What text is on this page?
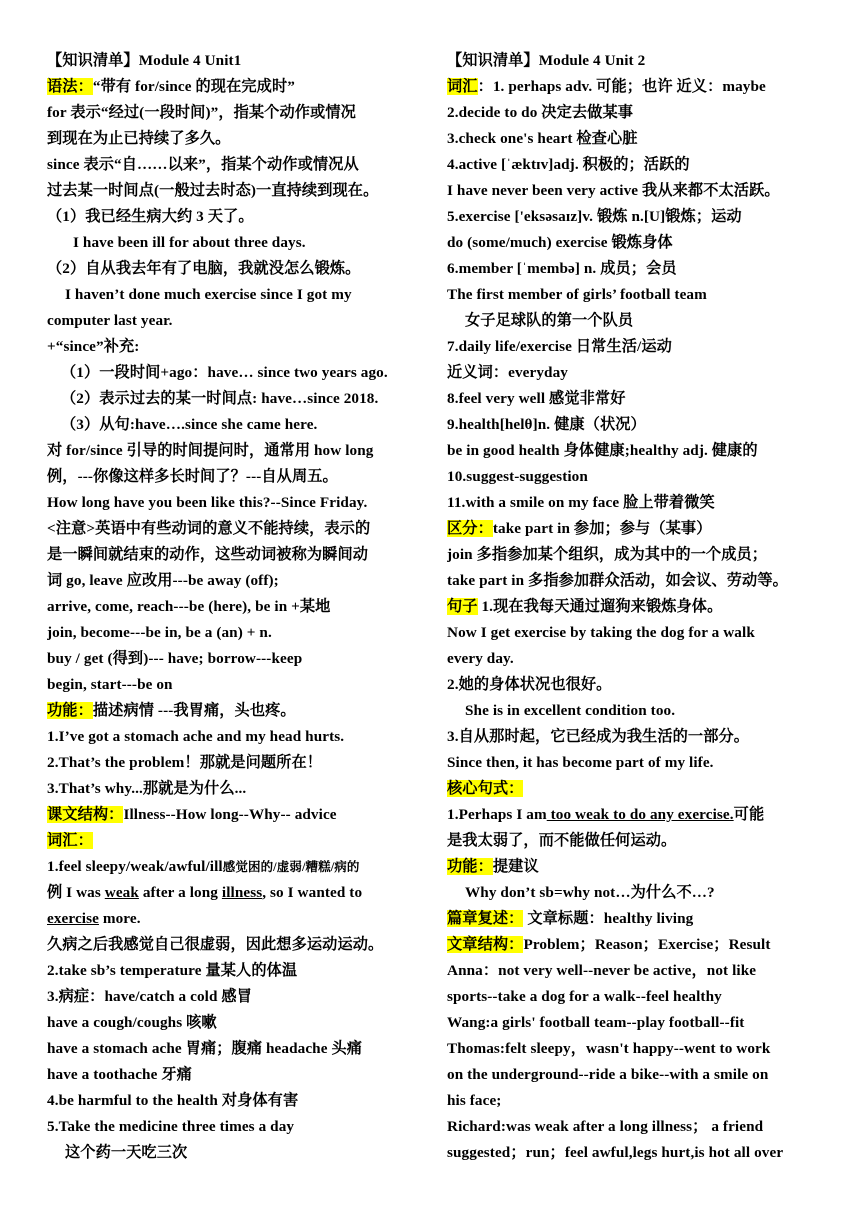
【知识清单】Module 4 Unit1
语法：“带有 for/since 的现在完成时”
for 表示“经过(一段时间)”，指某个动作或情况
到现在为止已持续了多久。
since 表示“自……以来”，指某个动作或情况从
过去某一时间点(一般过去时态)一直持续到现在。
（1）我已经生病大约 3 天了。
I have been ill for about three days.
（2）自从我去年有了电脑，我就没怎么锻炼。
I haven’t done much exercise since I got my
computer last year.
+“since”补充:
（1）一段时间+ago：have… since two years ago.
（2）表示过去的某一时间点: have…since 2018.
（3）从句:have….since she came here.
对 for/since 引导的时间提问时，通常用 how long
例，---你像这样多长时间了？---自从周五。
How long have you been like this?--Since Friday.
<注意>英语中有些动词的意义不能持续，表示的
是一瞬间就结束的动作，这些动词被称为瞬间动
词 go, leave 应改用---be away (off);
arrive, come, reach---be (here), be in +某地
join, become---be in, be a (an) + n.
buy / get (得到)--- have; borrow---keep
begin, start---be on
功能：描述病情 ---我胃痛，头也疼。
1.I’ve got a stomach ache and my head hurts.
2.That’s the problem！那就是问题所在！
3.That’s why...那就是为什么...
课文结构：Illness--How long--Why-- advice
词汇：
1.feel sleepy/weak/awful/ill感觉困的/虚弱/糟糕/病的
例 I was weak after a long illness, so I wanted to
exercise more.
久病之后我感觉自己很虚弱，因此想多运动运动。
2.take sb’s temperature 量某人的体温
3.病症：have/catch a cold 感冒
have a cough/coughs 咳嗽
have a stomach ache 胃痛；腹痛 headache 头痛
have a toothache 牙痛
4.be harmful to the health 对身体有害
5.Take the medicine three times a day
这个药一天吃三次
【知识清单】Module 4 Unit 2
词汇：1. perhaps adv. 可能；也许 近义：maybe
2.decide to do 决定去做某事
3.check one's heart 检查心脏
4.active [ˈæktɪv]adj. 积极的；活跃的
I have never been very active 我从来都不太活跃。
5.exercise ['eksəsaɪz]v. 锻炼 n.[U]锻炼；运动
do (some/much) exercise 锻炼身体
6.member [ˈmembə] n. 成员；会员
The first member of girls’ football team
女子足球队的第一个队员
7.daily life/exercise 日常生活/运动
近义词：everyday
8.feel very well 感觉非常好
9.health[helθ]n. 健康（状况）
be in good health 身体健康;healthy adj. 健康的
10.suggest-suggestion
11.with a smile on my face 脸上带着微笑
区分：take part in 参加；参与（某事）
join 多指参加某个组织，成为其中的一个成员；
take part in 多指参加群众活动，如会议、劳动等。
句子 1.现在我每天通过遛狗来锻炼身体。
Now I get exercise by taking the dog for a walk
every day.
2.她的身体状况也很好。
She is in excellent condition too.
3.自从那时起，它已经成为我生活的一部分。
Since then, it has become part of my life.
核心句式：
1.Perhaps I am too weak to do any exercise.可能
是我太弱了，而不能做任何运动。
功能：提建议
Why don’t sb=why not…为什么不…?
篇章复述： 文章标题：healthy living
文章结构：Problem；Reason；Exercise；Result
Anna：not very well--never be active，not like
sports--take a dog for a walk--feel healthy
Wang:a girls' football team--play football--fit
Thomas:felt sleepy，wasn't happy--went to work
on the underground--ride a bike--with a smile on
his face;
Richard:was weak after a long illness； a friend
suggested；run；feel awful,legs hurt,is hot all over
